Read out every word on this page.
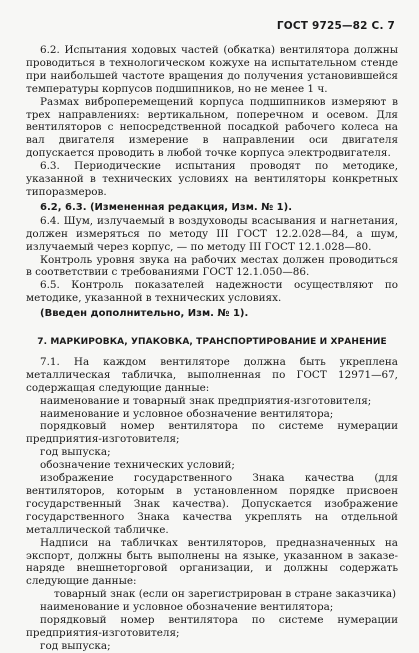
ГОСТ 9725—82 С. 7

6.2. Испытания ходовых частей (обкатка) вентилятора должны проводиться в технологическом кожухе на испытательном стенде при наибольшей частоте вращения до получения установившейся температуры корпусов подшипников, но не менее 1 ч.

Размах виброперемещений корпуса подшипников измеряют в трех направлениях: вертикальном, поперечном и осевом. Для вентиляторов с непосредственной посадкой рабочего колеса на вал двигателя измерение в направлении оси двигателя допускается проводить в любой точке корпуса электродвигателя.

6.3. Периодические испытания проводят по методике, указанной в технических условиях на вентиляторы конкретных типоразмеров.

6.2, 6.3. (Измененная редакция, Изм. № 1).

6.4. Шум, излучаемый в воздуховоды всасывания и нагнетания, должен измеряться по методу III ГОСТ 12.2.028—84, а шум, излучаемый через корпус, — по методу III ГОСТ 12.1.028—80.

Контроль уровня звука на рабочих местах должен проводиться в соответствии с требованиями ГОСТ 12.1.050—86.

6.5. Контроль показателей надежности осуществляют по методике, указанной в технических условиях.

(Введен дополнительно, Изм. № 1).

7. МАРКИРОВКА, УПАКОВКА, ТРАНСПОРТИРОВАНИЕ И ХРАНЕНИЕ

7.1. На каждом вентиляторе должна быть укреплена металлическая табличка, выполненная по ГОСТ 12971—67, содержащая следующие данные:

наименование и товарный знак предприятия-изготовителя;

наименование и условное обозначение вентилятора;

порядковый номер вентилятора по системе нумерации предприятия-изготовителя;

год выпуска;

обозначение технических условий;

изображение государственного Знака качества (для вентиляторов, которым в установленном порядке присвоен государственный Знак качества). Допускается изображение государственного Знака качества укреплять на отдельной металлической табличке.

Надписи на табличках вентиляторов, предназначенных на экспорт, должны быть выполнены на языке, указанном в заказе-наряде внешнеторговой организации, и должны содержать следующие данные:

товарный знак (если он зарегистрирован в стране заказчика)

наименование и условное обозначение вентилятора;

порядковый номер вентилятора по системе нумерации предприятия-изготовителя;

год выпуска;
